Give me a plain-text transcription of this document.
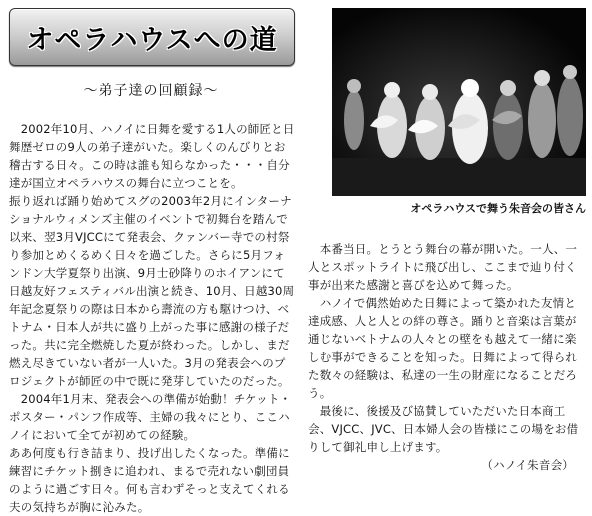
オペラハウスへの道
〜弟子達の回顧録〜

　2002年10月、ハノイに日舞を愛する1人の師匠と日舞歴ゼロの9人の弟子達がいた。楽しくのんびりとお稽古する日々。この時は誰も知らなかった・・・自分達が国立オペラハウスの舞台に立つことを。

振り返れば踊り始めてスグの2003年2月にインターナショナルウィメンズ主催のイベントで初舞台を踏んで以来、翌3月VJCCにて発表会、クァンバー寺での村祭り参加とめくるめく日々を過ごした。さらに5月フォンドン大学夏祭り出演、9月士砂降りのホイアンにて日越友好フェスティバル出演と続き、10月、日越30周年記念夏祭りの際は日本から壽流の方も駆けつけ、ベトナム・日本人が共に盛り上がった事に感謝の様子だった。共に完全燃焼した夏が終わった。しかし、まだ燃え尽きていない者が一人いた。3月の発表会へのプロジェクトが師匠の中で既に発芽していたのだった。

　2004年1月末、発表会への準備が始動！チケット・ポスター・パンフ作成等、主婦の我々にとり、ここハノイにおいて全てが初めての経験。

ああ何度も行き詰まり、投げ出したくなった。準備に練習にチケット捌きに追われ、まるで売れない劇団員のように過ごす日々。何も言わずそっと支えてくれる夫の気持ちが胸に沁みた。

オペラハウスで舞う朱音会の皆さん

　本番当日。とうとう舞台の幕が開いた。一人、一人とスポットライトに飛び出し、ここまで辿り付く事が出来た感謝と喜びを込めて舞った。

　ハノイで偶然始めた日舞によって築かれた友情と達成感、人と人との絆の尊さ。踊りと音楽は言葉が通じないベトナムの人々との壁をも越えて一緒に楽しむ事ができることを知った。日舞によって得られた数々の経験は、私達の一生の財産になることだろう。

　最後に、後援及び協賛していただいた日本商工会、VJCC、JVC、日本婦人会の皆様にこの場をお借りして御礼申し上げます。

（ハノイ朱音会）
